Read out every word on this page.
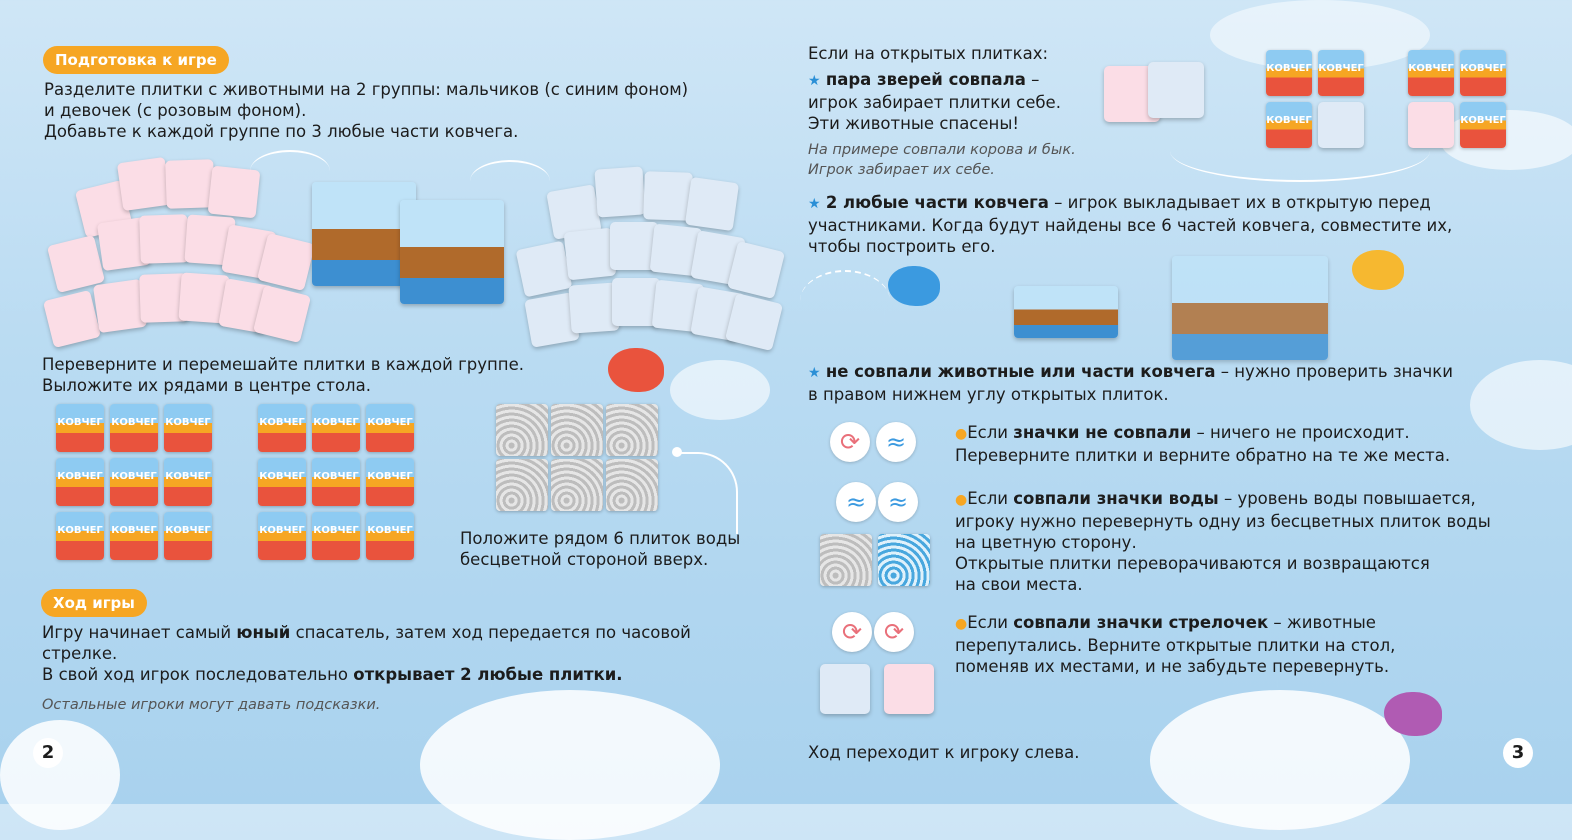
Подготовка к игре
Разделите плитки с животными на 2 группы: мальчиков (с синим фоном)
и девочек (с розовым фоном).
Добавьте к каждой группе по 3 любые части ковчега.
Переверните и перемешайте плитки в каждой группе.
Выложите их рядами в центре стола.
КОВЧЕГ КОВЧЕГ КОВЧЕГ
КОВЧЕГ КОВЧЕГ КОВЧЕГ
КОВЧЕГ КОВЧЕГ КОВЧЕГ
КОВЧЕГ КОВЧЕГ КОВЧЕГ
КОВЧЕГ КОВЧЕГ КОВЧЕГ
КОВЧЕГ КОВЧЕГ КОВЧЕГ	Положите рядом 6 плиток воды
бесцветной стороной вверх.
Ход игры
Игру начинает самый юный спасатель, затем ход передается по часовой
стрелке.
В свой ход игрок последовательно открывает 2 любые плитки.
Остальные игроки могут давать подсказки.
2
Если на открытых плитках:
★ пара зверей совпала –
игрок забирает плитки себе.
Эти животные спасены!
На примере совпали корова и бык.
Игрок забирает их себе.
КОВЧЕГ КОВЧЕГ
КОВЧЕГ
КОВЧЕГ КОВЧЕГ
КОВЧЕГ
★ 2 любые части ковчега – игрок выкладывает их в открытую перед
участниками. Когда будут найдены все 6 частей ковчега, совместите их,
чтобы построить его.
★ не совпали животные или части ковчега – нужно проверить значки
в правом нижнем углу открытых плиток.
⟳	≈	●Если значки не совпали – ничего не происходит.
Переверните плитки и верните обратно на те же места.
≈ ≈	●Если совпали значки воды – уровень воды повышается,
игроку нужно перевернуть одну из бесцветных плиток воды
на цветную сторону.
Открытые плитки переворачиваются и возвращаются
на свои места.
⟳ ⟳	●Если совпали значки стрелочек – животные
перепутались. Верните открытые плитки на стол,
поменяв их местами, и не забудьте перевернуть.
Ход переходит к игроку слева.	3
